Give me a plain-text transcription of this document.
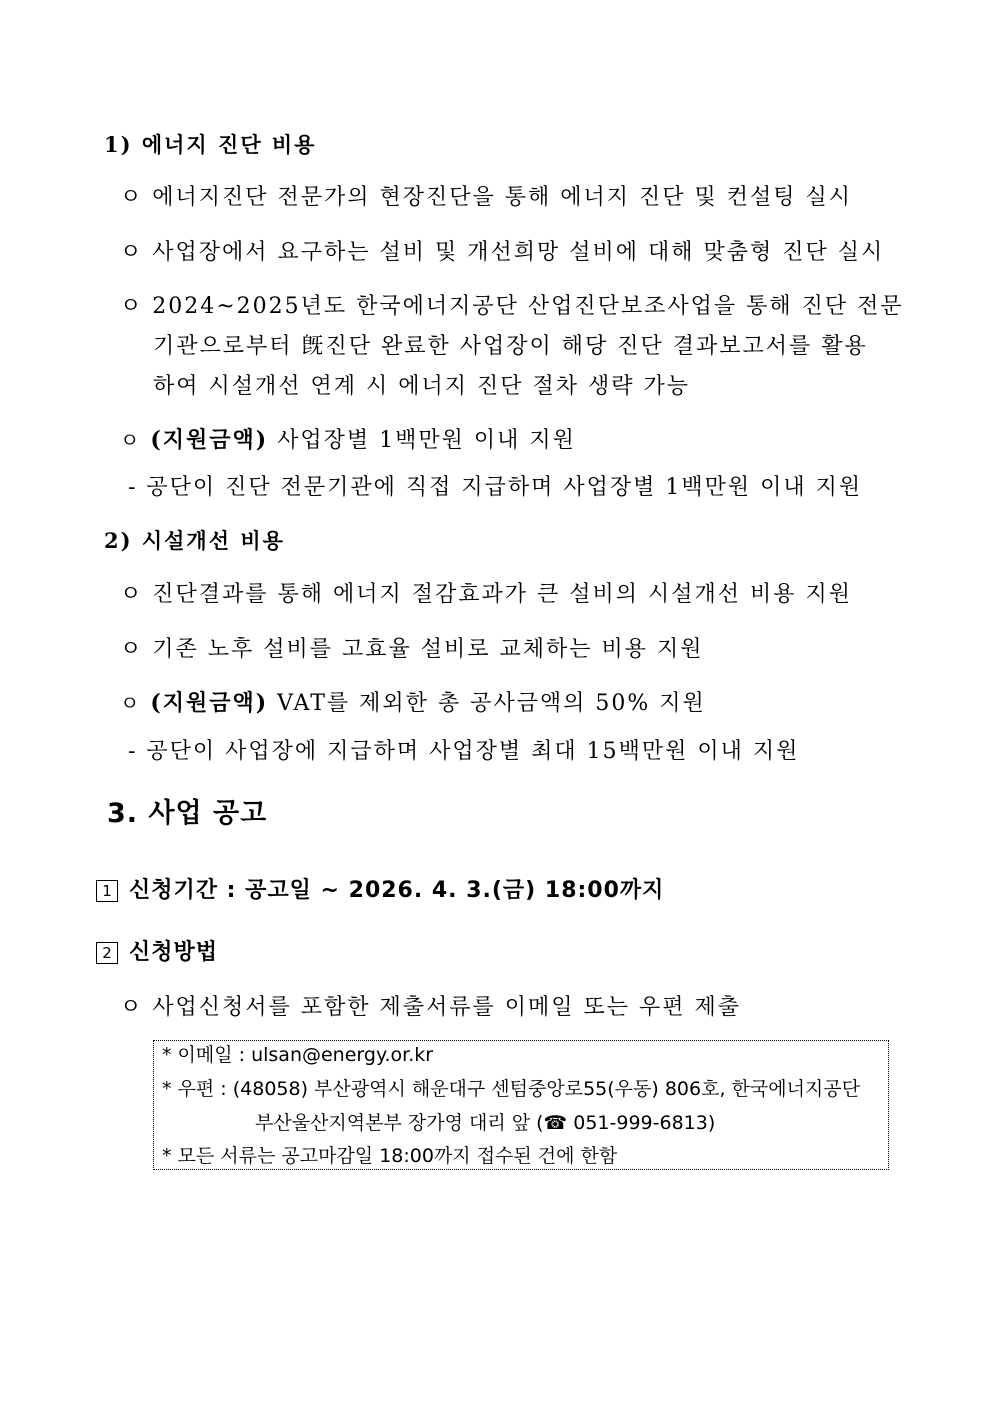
1) 에너지 진단 비용
ㅇ 에너지진단 전문가의 현장진단을 통해 에너지 진단 및 컨설팅 실시
ㅇ 사업장에서 요구하는 설비 및 개선희망 설비에 대해 맞춤형 진단 실시
ㅇ 2024~2025년도 한국에너지공단 산업진단보조사업을 통해 진단 전문
기관으로부터 旣진단 완료한 사업장이 해당 진단 결과보고서를 활용
하여 시설개선 연계 시 에너지 진단 절차 생략 가능
ㅇ (지원금액) 사업장별 1백만원 이내 지원
- 공단이 진단 전문기관에 직접 지급하며 사업장별 1백만원 이내 지원
2) 시설개선 비용
ㅇ 진단결과를 통해 에너지 절감효과가 큰 설비의 시설개선 비용 지원
ㅇ 기존 노후 설비를 고효율 설비로 교체하는 비용 지원
ㅇ (지원금액) VAT를 제외한 총 공사금액의 50% 지원
- 공단이 사업장에 지급하며 사업장별 최대 15백만원 이내 지원
3. 사업 공고
1 신청기간 : 공고일 ~ 2026. 4. 3.(금) 18:00까지
2 신청방법
ㅇ 사업신청서를 포함한 제출서류를 이메일 또는 우편 제출
* 이메일 : ulsan@energy.or.kr
* 우편 : (48058) 부산광역시 해운대구 센텀중앙로55(우동) 806호, 한국에너지공단
부산울산지역본부 장가영 대리 앞 (☎ 051-999-6813)
* 모든 서류는 공고마감일 18:00까지 접수된 건에 한함
